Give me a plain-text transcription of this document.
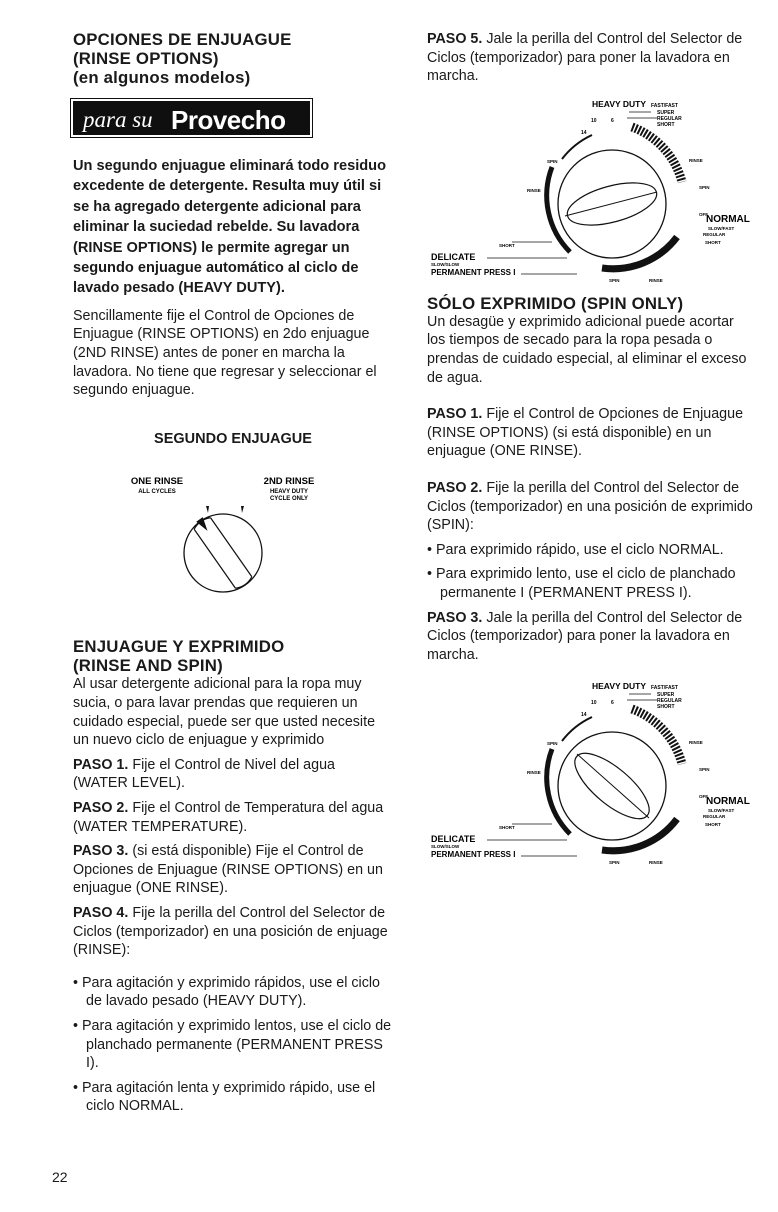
OPCIONES DE ENJUAGUE
(RINSE OPTIONS)
(en algunos modelos)
para su Provecho

Un segundo enjuague eliminará todo residuo excedente de detergente. Resulta muy útil si se ha agregado detergente adicional para eliminar la suciedad rebelde. Su lavadora (RINSE OPTIONS) le permite agregar un segundo enjuague automático al ciclo de lavado pesado (HEAVY DUTY).

Sencillamente fije el Control de Opciones de Enjuague (RINSE OPTIONS) en 2do enjuague (2ND RINSE) antes de poner en marcha la lavadora. No tiene que regresar y seleccionar el segundo enjuague.

SEGUNDO ENJUAGUE

ONE RINSE
ALL CYCLES
2ND RINSE
HEAVY DUTY
CYCLE ONLY
ENJUAGUE Y EXPRIMIDO
(RINSE AND SPIN)

Al usar detergente adicional para la ropa muy sucia, o para lavar prendas que requieren un cuidado especial, puede ser que usted necesite un nuevo ciclo de enjuague y exprimido

PASO 1. Fije el Control de Nivel del agua (WATER LEVEL).

PASO 2. Fije el Control de Temperatura del agua (WATER TEMPERATURE).

PASO 3. (si está disponible) Fije el Control de Opciones de Enjuague (RINSE OPTIONS) en un enjuague (ONE RINSE).

PASO 4. Fije la perilla del Control del Selector de Ciclos (temporizador) en una posición de enjuage (RINSE):

• Para agitación y exprimido rápidos, use el ciclo de lavado pesado (HEAVY DUTY).

• Para agitación y exprimido lentos, use el ciclo de planchado permanente (PERMANENT PRESS I).

• Para agitación lenta y exprimido rápido, use el ciclo NORMAL.

22

PASO 5. Jale la perilla del Control del Selector de Ciclos (temporizador) para poner la lavadora en marcha.

HEAVY DUTY FAST/FAST
SUPER
REGULAR
SHORT
10	6
14
SPIN	RINSE
RINSE
SPIN
OFF
NORMAL
SLOW/FAST
REGULAR
SHORT
SHORT
DELICATE
SLOW/SLOW
PERMANENT PRESS I
SPIN	RINSE
SÓLO EXPRIMIDO (SPIN ONLY)

Un desagüe y exprimido adicional puede acortar los tiempos de secado para la ropa pesada o prendas de cuidado especial, al eliminar el exceso de agua.

PASO 1. Fije el Control de Opciones de Enjuague (RINSE OPTIONS) (si está disponible) en un enjuague (ONE RINSE).

PASO 2. Fije la perilla del Control del Selector de Ciclos (temporizador) en una posición de exprimido (SPIN):

• Para exprimido rápido, use el ciclo NORMAL.

• Para exprimido lento, use el ciclo de planchado permanente I (PERMANENT PRESS I).

PASO 3. Jale la perilla del Control del Selector de Ciclos (temporizador) para poner la lavadora en marcha.

HEAVY DUTY FAST/FAST
SUPER
REGULAR
SHORT
10	6
14
SPIN	RINSE
RINSE
SPIN
OFF
NORMAL
SLOW/FAST
REGULAR
SHORT
SHORT
DELICATE
SLOW/SLOW
PERMANENT PRESS I
SPIN	RINSE
